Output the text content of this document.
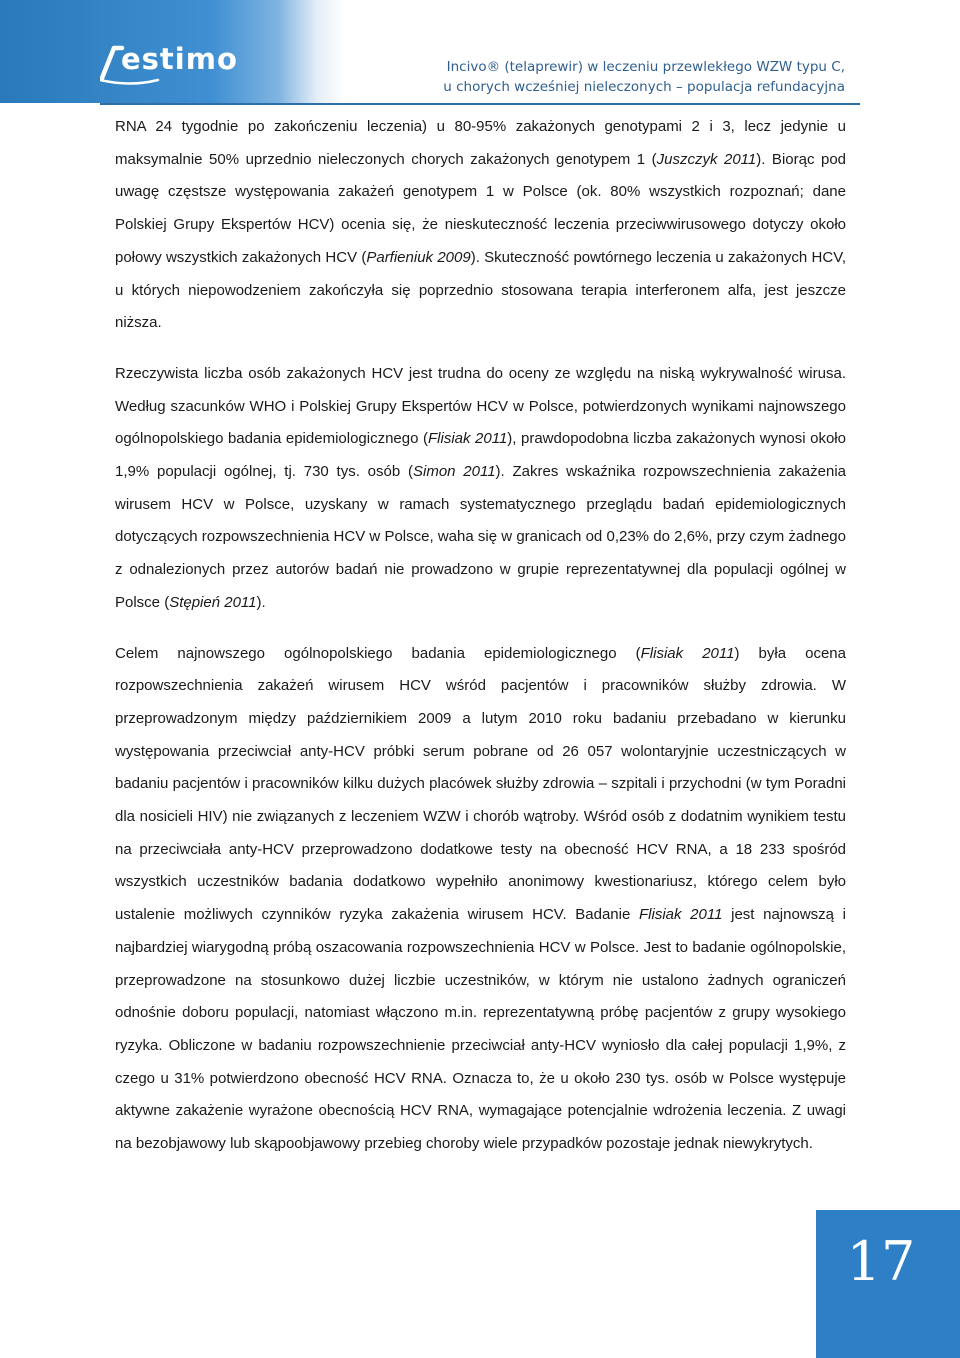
estimo	Incivo® (telaprewir) w leczeniu przewlekłego WZW typu C,
u chorych wcześniej nieleczonych – populacja refundacyjna

RNA 24 tygodnie po zakończeniu leczenia) u 80-95% zakażonych genotypami 2 i 3, lecz jedynie u maksymalnie 50% uprzednio nieleczonych chorych zakażonych genotypem 1 (Juszczyk 2011). Biorąc pod uwagę częstsze występowania zakażeń genotypem 1 w Polsce (ok. 80% wszystkich rozpoznań; dane Polskiej Grupy Ekspertów HCV) ocenia się, że nieskuteczność leczenia przeciwwirusowego dotyczy około połowy wszystkich zakażonych HCV (Parfieniuk 2009). Skuteczność powtórnego leczenia u zakażonych HCV, u których niepowodzeniem zakończyła się poprzednio stosowana terapia interferonem alfa, jest jeszcze niższa.

Rzeczywista liczba osób zakażonych HCV jest trudna do oceny ze względu na niską wykrywalność wirusa. Według szacunków WHO i Polskiej Grupy Ekspertów HCV w Polsce, potwierdzonych wynikami najnowszego ogólnopolskiego badania epidemiologicznego (Flisiak 2011), prawdopodobna liczba zakażonych wynosi około 1,9% populacji ogólnej, tj. 730 tys. osób (Simon 2011). Zakres wskaźnika rozpowszechnienia zakażenia wirusem HCV w Polsce, uzyskany w ramach systematycznego przeglądu badań epidemiologicznych dotyczących rozpowszechnienia HCV w Polsce, waha się w granicach od 0,23% do 2,6%, przy czym żadnego z odnalezionych przez autorów badań nie prowadzono w grupie reprezentatywnej dla populacji ogólnej w Polsce (Stępień 2011).

Celem najnowszego ogólnopolskiego badania epidemiologicznego (Flisiak 2011) była ocena rozpowszechnienia zakażeń wirusem HCV wśród pacjentów i pracowników służby zdrowia. W przeprowadzonym między październikiem 2009 a lutym 2010 roku badaniu przebadano w kierunku występowania przeciwciał anty-HCV próbki serum pobrane od 26 057 wolontaryjnie uczestniczących w badaniu pacjentów i pracowników kilku dużych placówek służby zdrowia – szpitali i przychodni (w tym Poradni dla nosicieli HIV) nie związanych z leczeniem WZW i chorób wątroby. Wśród osób z dodatnim wynikiem testu na przeciwciała anty-HCV przeprowadzono dodatkowe testy na obecność HCV RNA, a 18 233 spośród wszystkich uczestników badania dodatkowo wypełniło anonimowy kwestionariusz, którego celem było ustalenie możliwych czynników ryzyka zakażenia wirusem HCV. Badanie Flisiak 2011 jest najnowszą i najbardziej wiarygodną próbą oszacowania rozpowszechnienia HCV w Polsce. Jest to badanie ogólnopolskie, przeprowadzone na stosunkowo dużej liczbie uczestników, w którym nie ustalono żadnych ograniczeń odnośnie doboru populacji, natomiast włączono m.in. reprezentatywną próbę pacjentów z grupy wysokiego ryzyka. Obliczone w badaniu rozpowszechnienie przeciwciał anty-HCV wyniosło dla całej populacji 1,9%, z czego u 31% potwierdzono obecność HCV RNA. Oznacza to, że u około 230 tys. osób w Polsce występuje aktywne zakażenie wyrażone obecnością HCV RNA, wymagające potencjalnie wdrożenia leczenia. Z uwagi na bezobjawowy lub skąpoobjawowy przebieg choroby wiele przypadków pozostaje jednak niewykrytych.

17
